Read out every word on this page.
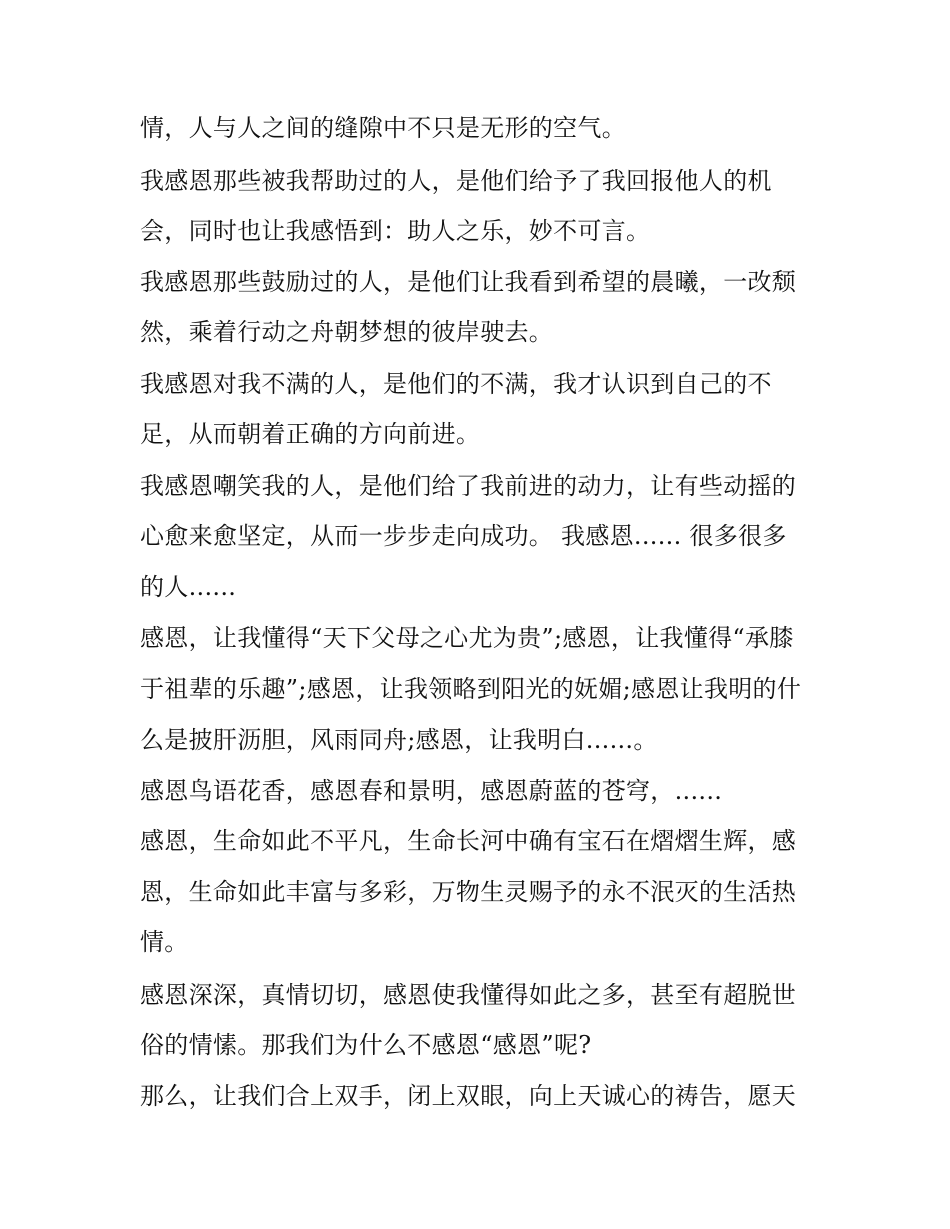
情，人与人之间的缝隙中不只是无形的空气。
我感恩那些被我帮助过的人，是他们给予了我回报他人的机
会，同时也让我感悟到：助人之乐，妙不可言。
我感恩那些鼓励过的人，是他们让我看到希望的晨曦，一改颓
然，乘着行动之舟朝梦想的彼岸驶去。
我感恩对我不满的人，是他们的不满，我才认识到自己的不
足，从而朝着正确的方向前进。
我感恩嘲笑我的人，是他们给了我前进的动力，让有些动摇的
心愈来愈坚定，从而一步步走向成功。 我感恩...... 很多很多
的人......
感恩，让我懂得“天下父母之心尤为贵”;感恩，让我懂得“承膝
于祖辈的乐趣”;感恩，让我领略到阳光的妩媚;感恩让我明的什
么是披肝沥胆，风雨同舟;感恩，让我明白......。
感恩鸟语花香，感恩春和景明，感恩蔚蓝的苍穹，......
感恩，生命如此不平凡，生命长河中确有宝石在熠熠生辉，感
恩，生命如此丰富与多彩，万物生灵赐予的永不泯灭的生活热
情。
感恩深深，真情切切，感恩使我懂得如此之多，甚至有超脱世
俗的情愫。那我们为什么不感恩“感恩”呢?
那么，让我们合上双手，闭上双眼，向上天诚心的祷告，愿天
